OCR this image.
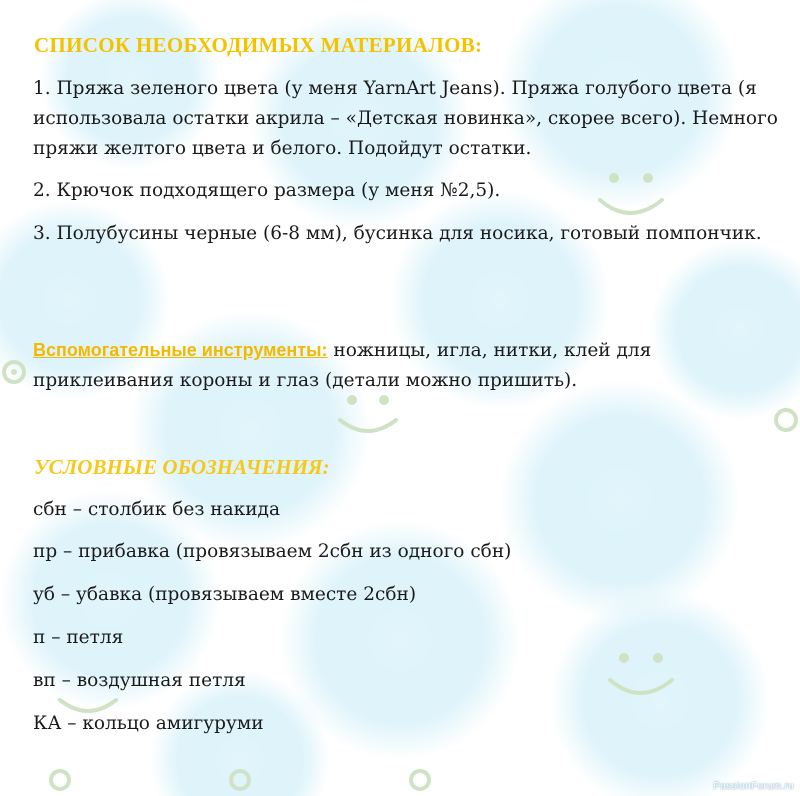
СПИСОК НЕОБХОДИМЫХ МАТЕРИАЛОВ:

1. Пряжа зеленого цвета (у меня YarnArt Jeans). Пряжа голубого цвета (я использовала остатки акрила – «Детская новинка», скорее всего). Немного пряжи желтого цвета и белого. Подойдут остатки.

2. Крючок подходящего размера (у меня №2,5).

3. Полубусины черные (6-8 мм), бусинка для носика, готовый помпончик.

Вспомогательные инструменты: ножницы, игла, нитки, клей для приклеивания короны и глаз (детали можно пришить).

УСЛОВНЫЕ ОБОЗНАЧЕНИЯ:

сбн – столбик без накида

пр – прибавка (провязываем 2сбн из одного сбн)

уб – убавка (провязываем вместе 2сбн)

п – петля

вп – воздушная петля

КА – кольцо амигуруми

PassionForum.ru
